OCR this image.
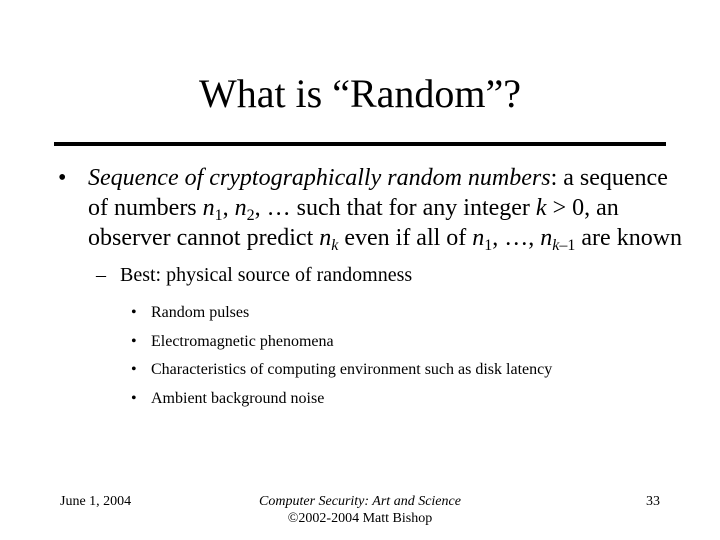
What is “Random”?
• Sequence of cryptographically random numbers: a sequence of numbers $n_1$, $n_2$, … such that for any integer k > 0, an observer cannot predict $n_k$ even if all of $n_1$, …, $n_{k-1}$ are known
– Best: physical source of randomness
• Random pulses
• Electromagnetic phenomena
• Characteristics of computing environment such as disk latency
• Ambient background noise
June 1, 2004	Computer Security: Art and Science
©2002-2004 Matt Bishop
33
